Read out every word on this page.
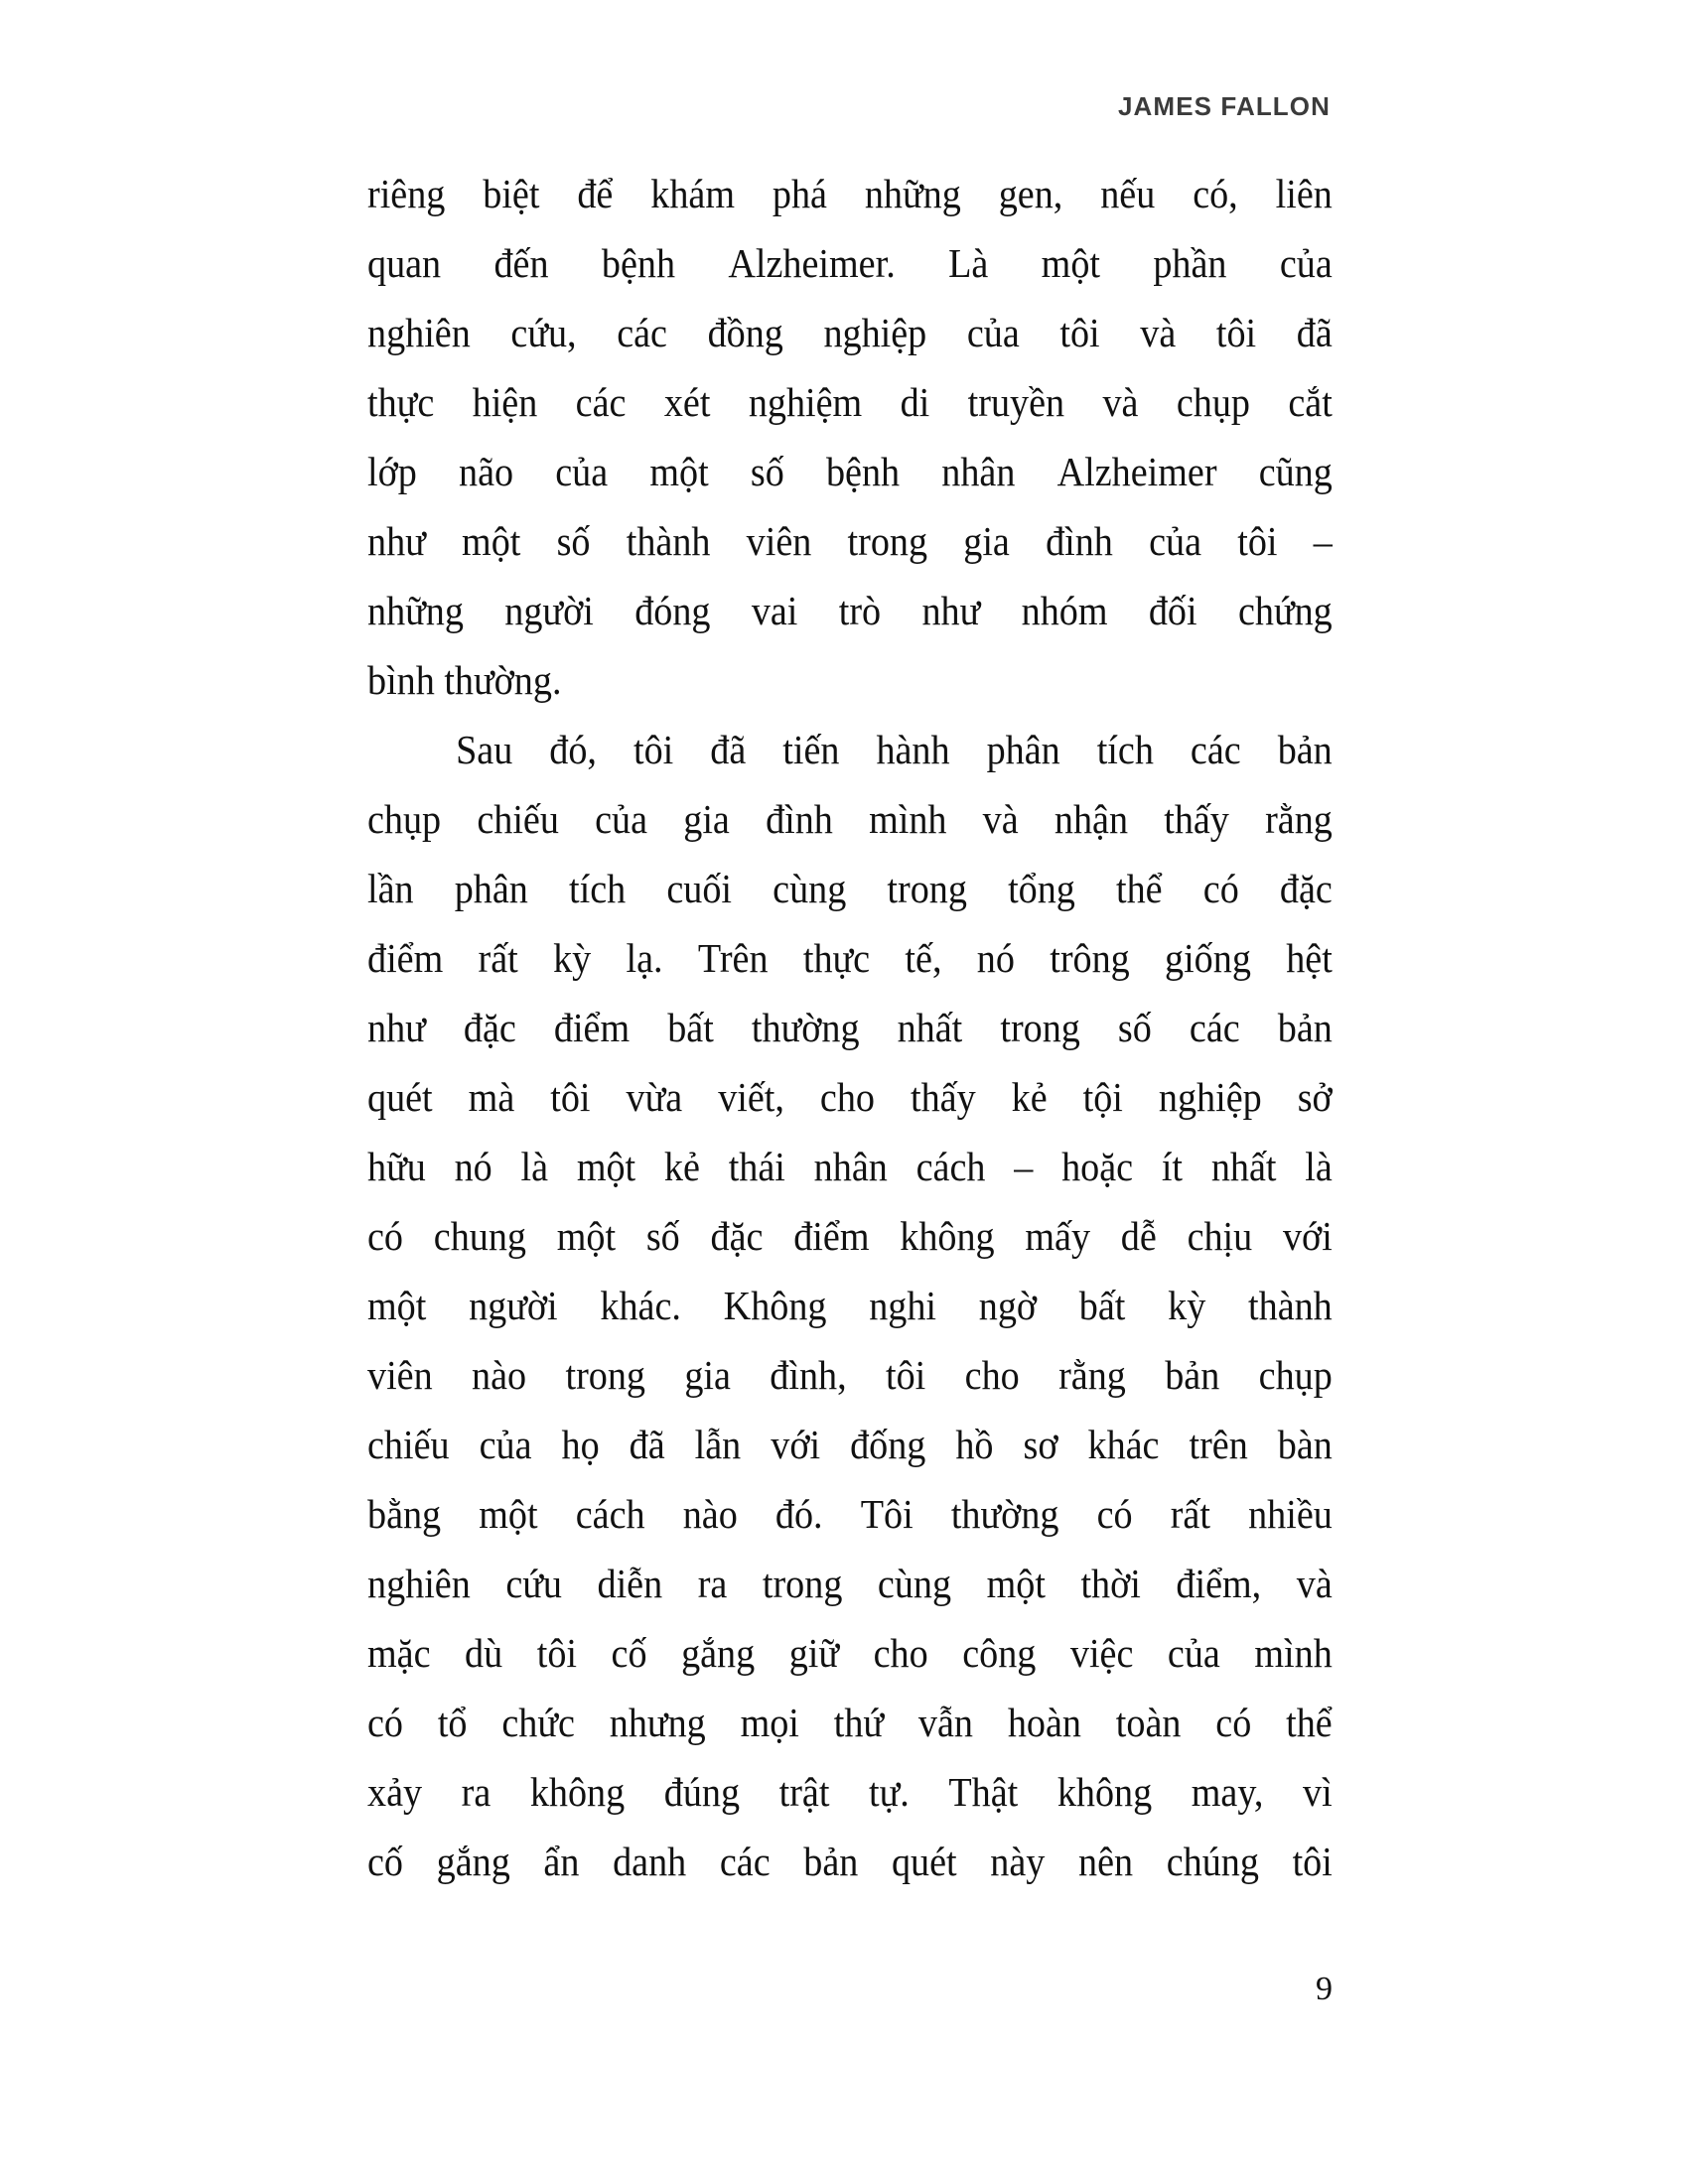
JAMES FALLON
riêng biệt để khám phá những gen, nếu có, liên
quan đến bệnh Alzheimer. Là một phần của
nghiên cứu, các đồng nghiệp của tôi và tôi đã
thực hiện các xét nghiệm di truyền và chụp cắt
lớp não của một số bệnh nhân Alzheimer cũng
như một số thành viên trong gia đình của tôi –
những người đóng vai trò như nhóm đối chứng
bình thường.
Sau đó, tôi đã tiến hành phân tích các bản
chụp chiếu của gia đình mình và nhận thấy rằng
lần phân tích cuối cùng trong tổng thể có đặc
điểm rất kỳ lạ. Trên thực tế, nó trông giống hệt
như đặc điểm bất thường nhất trong số các bản
quét mà tôi vừa viết, cho thấy kẻ tội nghiệp sở
hữu nó là một kẻ thái nhân cách – hoặc ít nhất là
có chung một số đặc điểm không mấy dễ chịu với
một người khác. Không nghi ngờ bất kỳ thành
viên nào trong gia đình, tôi cho rằng bản chụp
chiếu của họ đã lẫn với đống hồ sơ khác trên bàn
bằng một cách nào đó. Tôi thường có rất nhiều
nghiên cứu diễn ra trong cùng một thời điểm, và
mặc dù tôi cố gắng giữ cho công việc của mình
có tổ chức nhưng mọi thứ vẫn hoàn toàn có thể
xảy ra không đúng trật tự. Thật không may, vì
cố gắng ẩn danh các bản quét này nên chúng tôi
9
